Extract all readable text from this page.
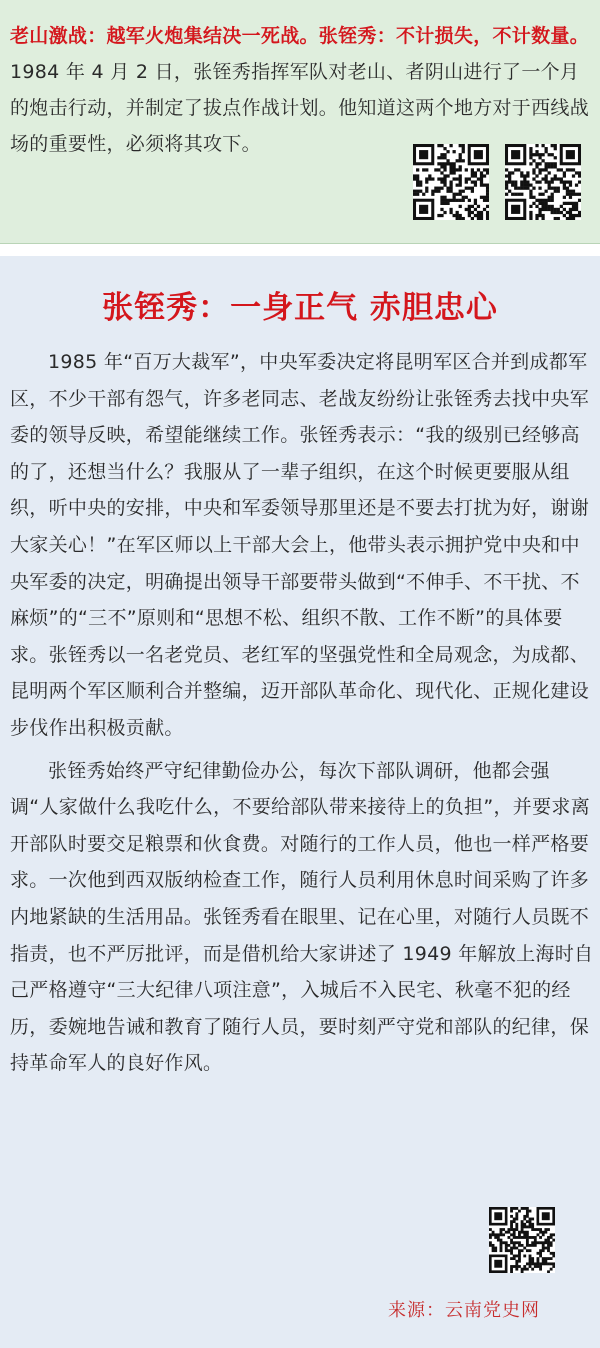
老山激战：越军火炮集结决一死战。张铚秀：不计损失，不计数量。1984 年 4 月 2 日，张铚秀指挥军队对老山、者阴山进行了一个月的炮击行动，并制定了拔点作战计划。他知道这两个地方对于西线战场的重要性，必须将其攻下。
张铚秀：一身正气 赤胆忠心

1985 年“百万大裁军”，中央军委决定将昆明军区合并到成都军区，不少干部有怨气，许多老同志、老战友纷纷让张铚秀去找中央军委的领导反映，希望能继续工作。张铚秀表示：“我的级别已经够高的了，还想当什么？我服从了一辈子组织，在这个时候更要服从组织，听中央的安排，中央和军委领导那里还是不要去打扰为好，谢谢大家关心！”在军区师以上干部大会上，他带头表示拥护党中央和中央军委的决定，明确提出领导干部要带头做到“不伸手、不干扰、不麻烦”的“三不”原则和“思想不松、组织不散、工作不断”的具体要求。张铚秀以一名老党员、老红军的坚强党性和全局观念，为成都、昆明两个军区顺利合并整编，迈开部队革命化、现代化、正规化建设步伐作出积极贡献。

张铚秀始终严守纪律勤俭办公，每次下部队调研，他都会强调“人家做什么我吃什么，不要给部队带来接待上的负担”，并要求离开部队时要交足粮票和伙食费。对随行的工作人员，他也一样严格要求。一次他到西双版纳检查工作，随行人员利用休息时间采购了许多内地紧缺的生活用品。张铚秀看在眼里、记在心里，对随行人员既不指责，也不严厉批评，而是借机给大家讲述了 1949 年解放上海时自己严格遵守“三大纪律八项注意”，入城后不入民宅、秋毫不犯的经历，委婉地告诫和教育了随行人员，要时刻严守党和部队的纪律，保持革命军人的良好作风。

来源：云南党史网
